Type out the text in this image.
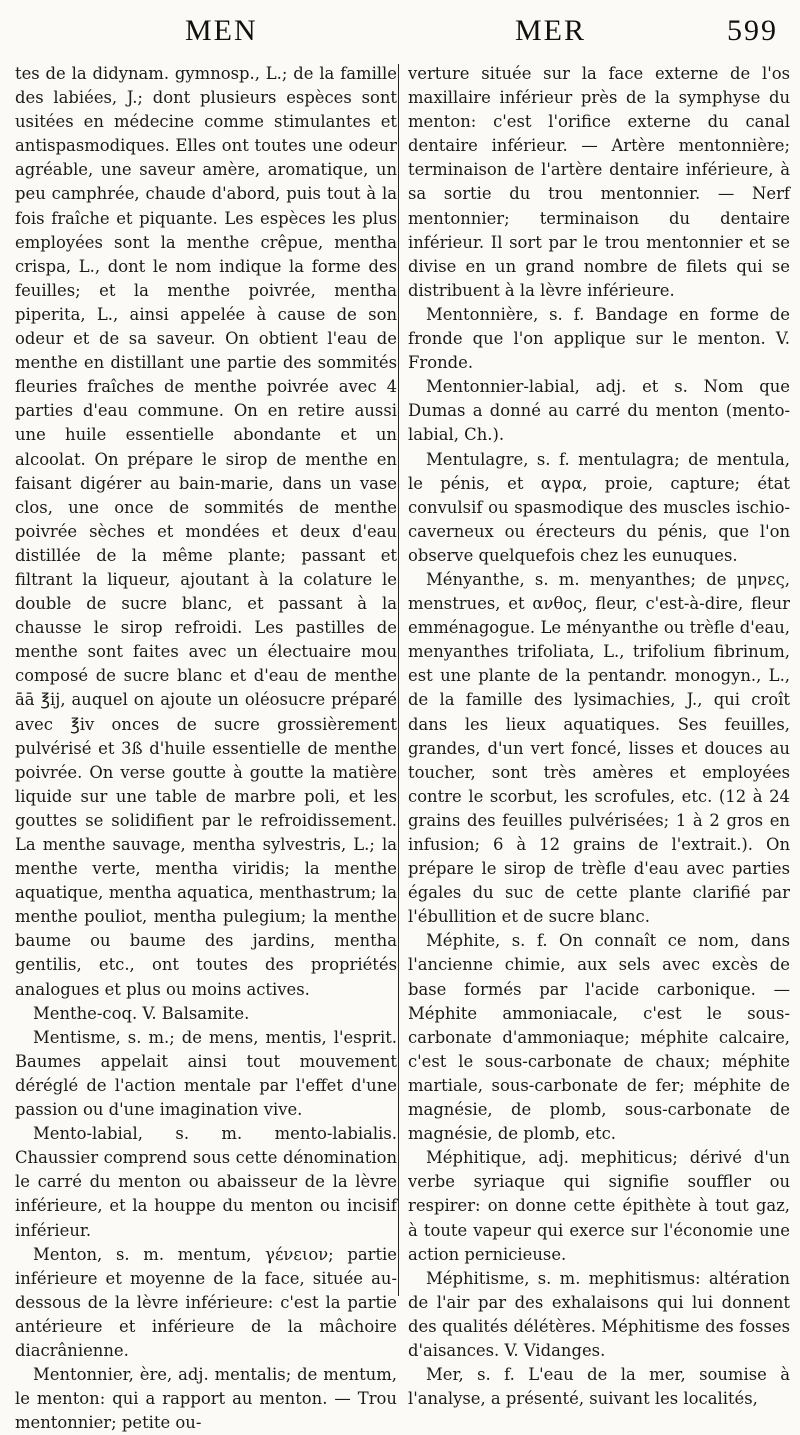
MEN	MER	599

tes de la didynam. gymnosp., L.; de la famille des labiées, J.; dont plusieurs espèces sont usitées en médecine comme stimulantes et antispasmodiques. Elles ont toutes une odeur agréable, une saveur amère, aromatique, un peu camphrée, chaude d'abord, puis tout à la fois fraîche et piquante. Les espèces les plus employées sont la menthe crêpue, mentha crispa, L., dont le nom indique la forme des feuilles; et la menthe poivrée, mentha piperita, L., ainsi appelée à cause de son odeur et de sa saveur. On obtient l'eau de menthe en distillant une partie des sommités fleuries fraîches de menthe poivrée avec 4 parties d'eau commune. On en retire aussi une huile essentielle abondante et un alcoolat. On prépare le sirop de menthe en faisant digérer au bain-marie, dans un vase clos, une once de sommités de menthe poivrée sèches et mondées et deux d'eau distillée de la même plante; passant et filtrant la liqueur, ajoutant à la colature le double de sucre blanc, et passant à la chausse le sirop refroidi. Les pastilles de menthe sont faites avec un électuaire mou composé de sucre blanc et d'eau de menthe āā ℥ij, auquel on ajoute un oléosucre préparé avec ℥iv onces de sucre grossièrement pulvérisé et 3ß d'huile essentielle de menthe poivrée. On verse goutte à goutte la matière liquide sur une table de marbre poli, et les gouttes se solidifient par le refroidissement. La menthe sauvage, mentha sylvestris, L.; la menthe verte, mentha viridis; la menthe aquatique, mentha aquatica, menthastrum; la menthe pouliot, mentha pulegium; la menthe baume ou baume des jardins, mentha gentilis, etc., ont toutes des propriétés analogues et plus ou moins actives.

Menthe-coq. V. Balsamite.

Mentisme, s. m.; de mens, mentis, l'esprit. Baumes appelait ainsi tout mouvement déréglé de l'action mentale par l'effet d'une passion ou d'une imagination vive.

Mento-labial, s. m. mento-labialis. Chaussier comprend sous cette dénomination le carré du menton ou abaisseur de la lèvre inférieure, et la houppe du menton ou incisif inférieur.

Menton, s. m. mentum, γένειον; partie inférieure et moyenne de la face, située au-dessous de la lèvre inférieure: c'est la partie antérieure et inférieure de la mâchoire diacrânienne.

Mentonnier, ère, adj. mentalis; de mentum, le menton: qui a rapport au menton. — Trou mentonnier; petite ou-

verture située sur la face externe de l'os maxillaire inférieur près de la symphyse du menton: c'est l'orifice externe du canal dentaire inférieur. — Artère mentonnière; terminaison de l'artère dentaire inférieure, à sa sortie du trou mentonnier. — Nerf mentonnier; terminaison du dentaire inférieur. Il sort par le trou mentonnier et se divise en un grand nombre de filets qui se distribuent à la lèvre inférieure.

Mentonnière, s. f. Bandage en forme de fronde que l'on applique sur le menton. V. Fronde.

Mentonnier-labial, adj. et s. Nom que Dumas a donné au carré du menton (mento-labial, Ch.).

Mentulagre, s. f. mentulagra; de mentula, le pénis, et αγρα, proie, capture; état convulsif ou spasmodique des muscles ischio-caverneux ou érecteurs du pénis, que l'on observe quelquefois chez les eunuques.

Ményanthe, s. m. menyanthes; de μηνες, menstrues, et ανθος, fleur, c'est-à-dire, fleur emménagogue. Le ményanthe ou trèfle d'eau, menyanthes trifoliata, L., trifolium fibrinum, est une plante de la pentandr. monogyn., L., de la famille des lysimachies, J., qui croît dans les lieux aquatiques. Ses feuilles, grandes, d'un vert foncé, lisses et douces au toucher, sont très amères et employées contre le scorbut, les scrofules, etc. (12 à 24 grains des feuilles pulvérisées; 1 à 2 gros en infusion; 6 à 12 grains de l'extrait.). On prépare le sirop de trèfle d'eau avec parties égales du suc de cette plante clarifié par l'ébullition et de sucre blanc.

Méphite, s. f. On connaît ce nom, dans l'ancienne chimie, aux sels avec excès de base formés par l'acide carbonique. — Méphite ammoniacale, c'est le sous-carbonate d'ammoniaque; méphite calcaire, c'est le sous-carbonate de chaux; méphite martiale, sous-carbonate de fer; méphite de magnésie, de plomb, sous-carbonate de magnésie, de plomb, etc.

Méphitique, adj. mephiticus; dérivé d'un verbe syriaque qui signifie souffler ou respirer: on donne cette épithète à tout gaz, à toute vapeur qui exerce sur l'économie une action pernicieuse.

Méphitisme, s. m. mephitismus: altération de l'air par des exhalaisons qui lui donnent des qualités délétères. Méphitisme des fosses d'aisances. V. Vidanges.

Mer, s. f. L'eau de la mer, soumise à l'analyse, a présenté, suivant les localités,
